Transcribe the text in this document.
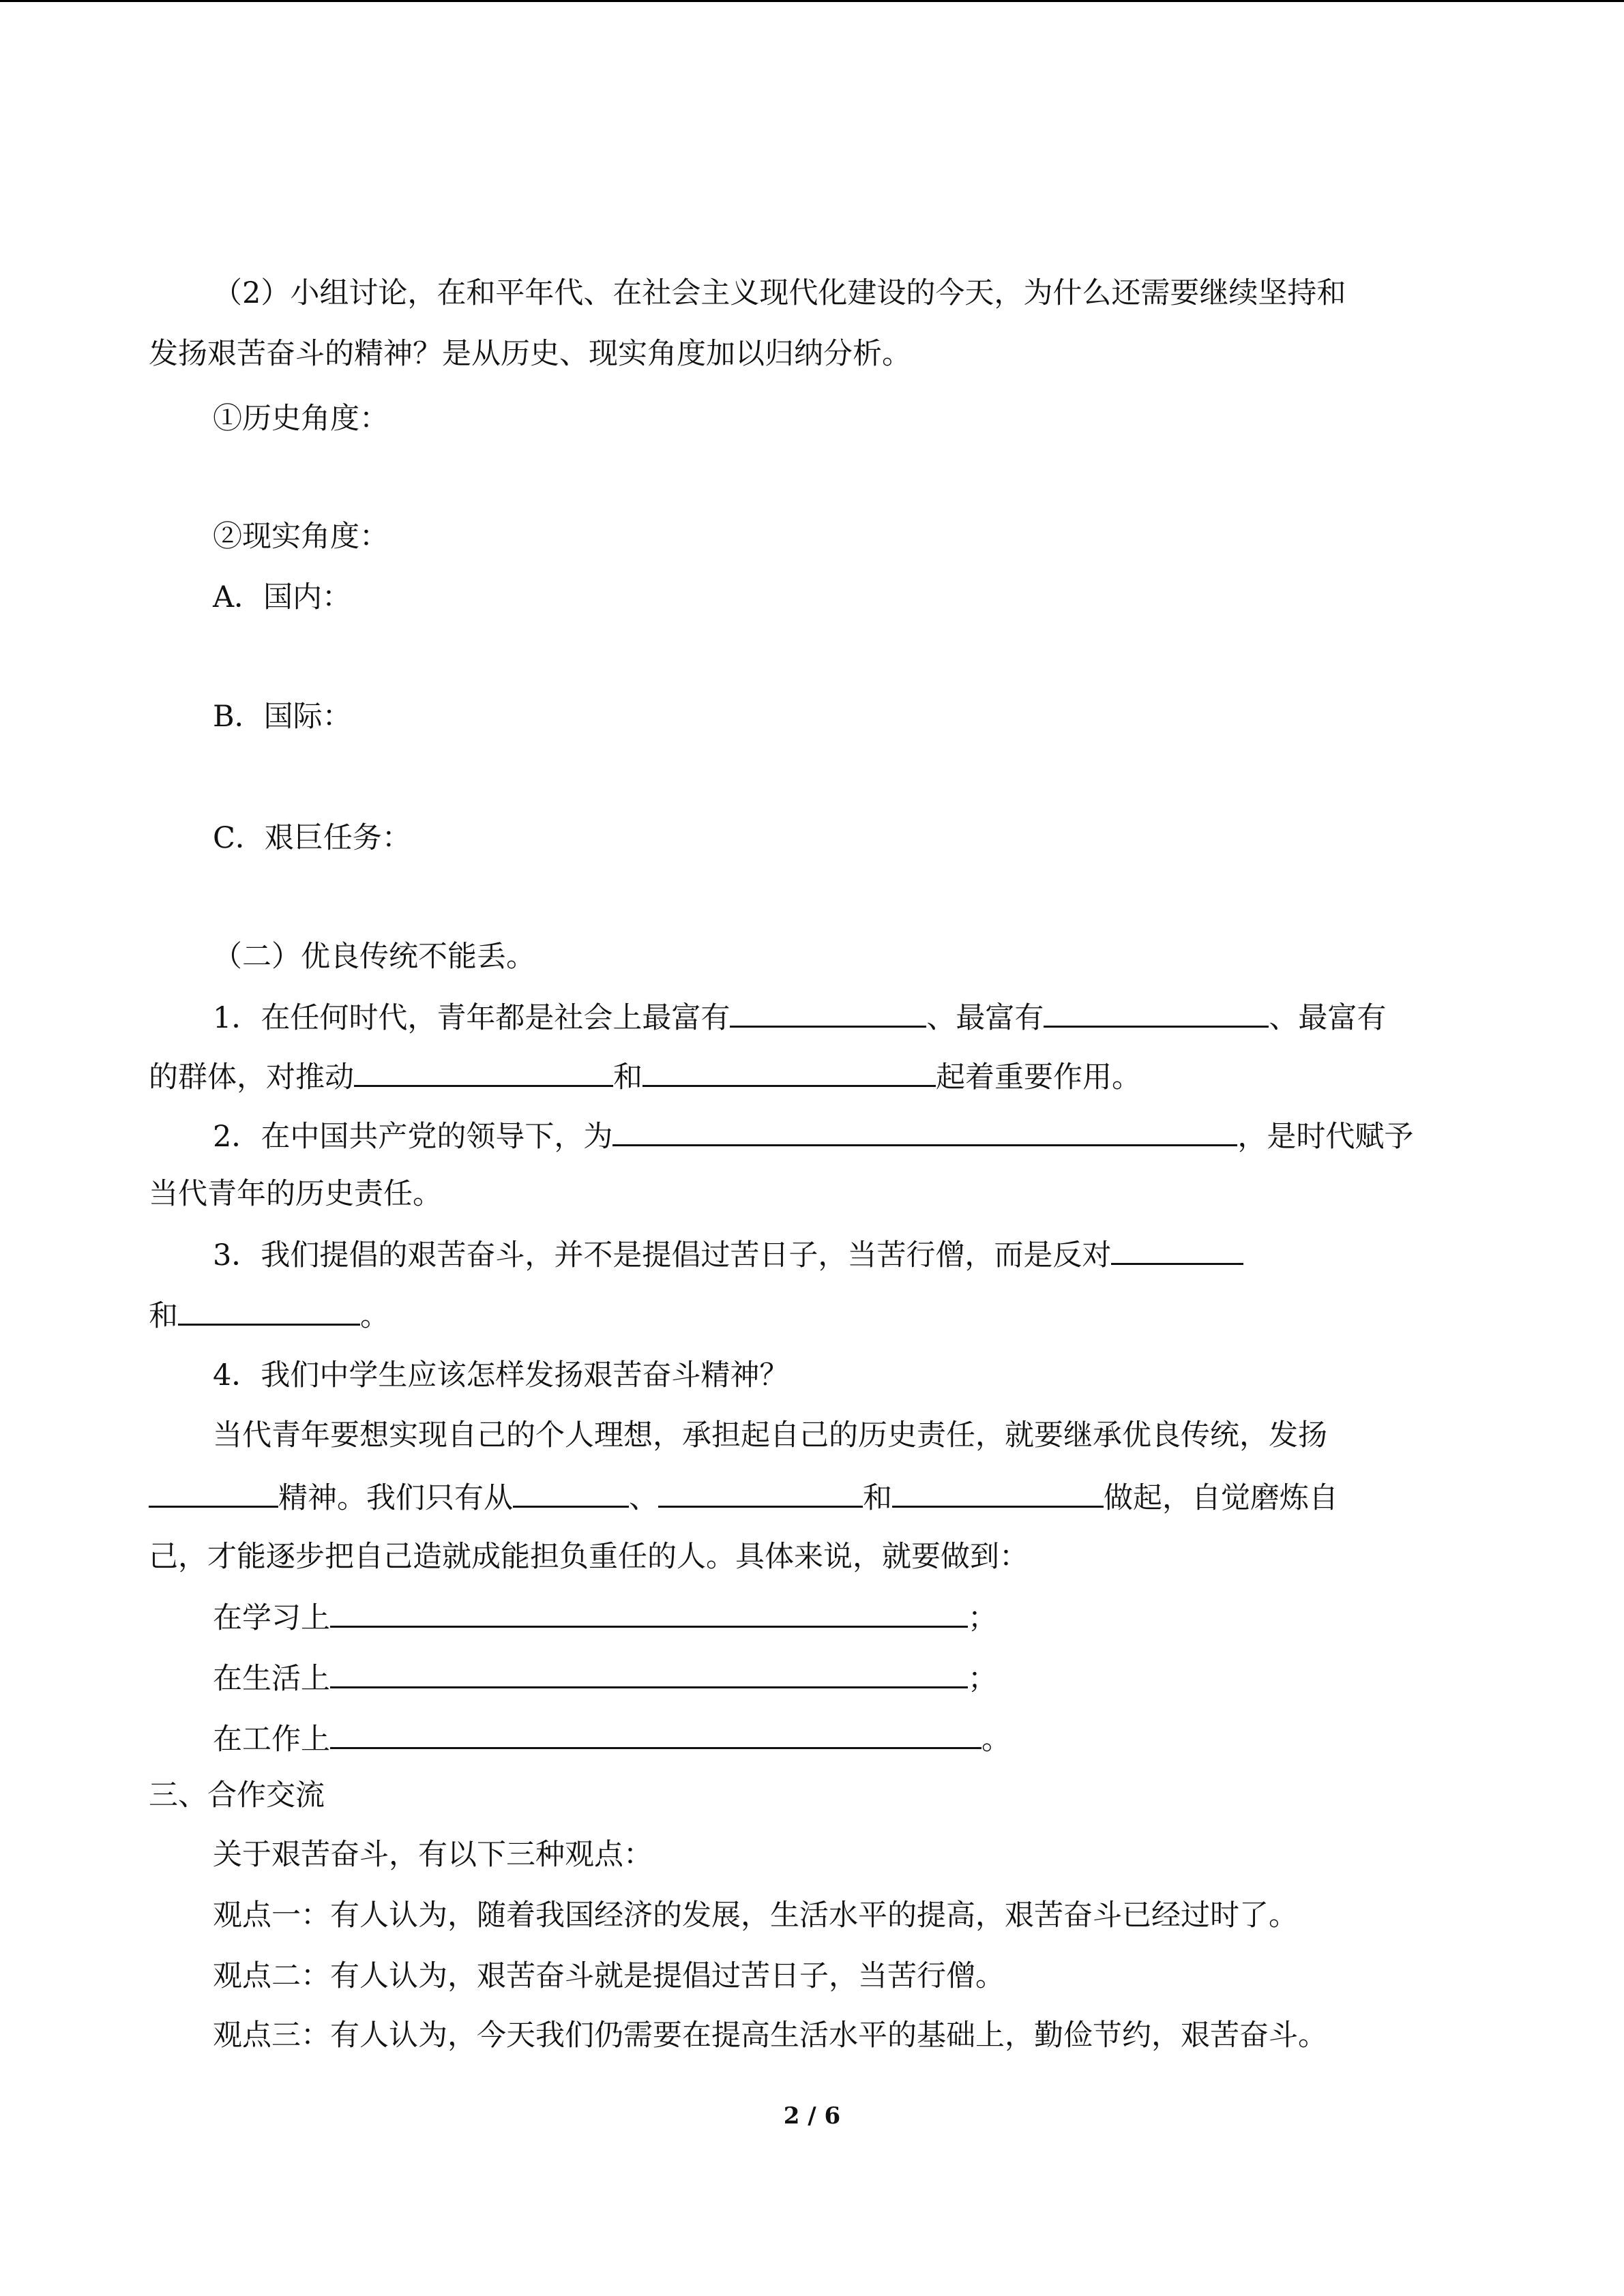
（2）小组讨论，在和平年代、在社会主义现代化建设的今天，为什么还需要继续坚持和
发扬艰苦奋斗的精神？是从历史、现实角度加以归纳分析。
①历史角度：
②现实角度：
A．国内：
B．国际：
C．艰巨任务：
（二）优良传统不能丢。
1．在任何时代，青年都是社会上最富有	、最富有	、最富有
的群体，对推动	和	起着重要作用。
2．在中国共产党的领导下，为	，是时代赋予
当代青年的历史责任。
3．我们提倡的艰苦奋斗，并不是提倡过苦日子，当苦行僧，而是反对
和	。
4．我们中学生应该怎样发扬艰苦奋斗精神？
当代青年要想实现自己的个人理想，承担起自己的历史责任，就要继承优良传统，发扬
精神。我们只有从	、	和	做起，自觉磨炼自
己，才能逐步把自己造就成能担负重任的人。具体来说，就要做到：
在学习上	；
在生活上	；
在工作上	。
三、合作交流
关于艰苦奋斗，有以下三种观点：
观点一：有人认为，随着我国经济的发展，生活水平的提高，艰苦奋斗已经过时了。
观点二：有人认为，艰苦奋斗就是提倡过苦日子，当苦行僧。
观点三：有人认为，今天我们仍需要在提高生活水平的基础上，勤俭节约，艰苦奋斗。
2 / 6
